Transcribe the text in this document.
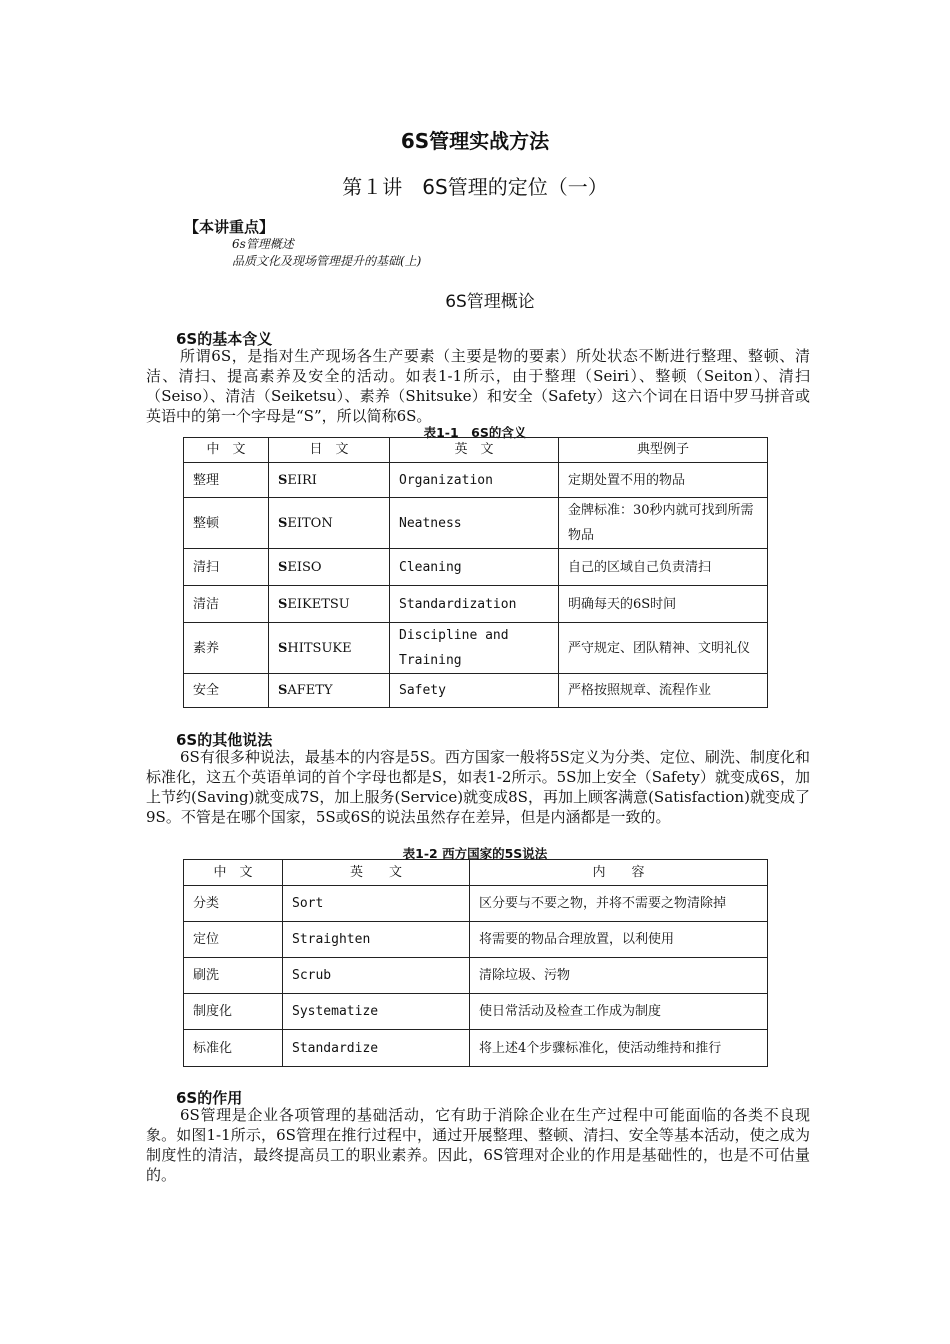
6S管理实战方法
第１讲　6S管理的定位（一）
【本讲重点】
6s管理概述
品质文化及现场管理提升的基础(上)
6S管理概论
6S的基本含义

所谓6S，是指对生产现场各生产要素（主要是物的要素）所处状态不断进行整理、整顿、清洁、清扫、提高素养及安全的活动。如表1-1所示，由于整理（Seiri）、整顿（Seiton）、清扫（Seiso）、清洁（Seiketsu）、素养（Shitsuke）和安全（Safety）这六个词在日语中罗马拼音或英语中的第一个字母是“S”，所以简称6S。

表1-1　6S的含义
中　文	日　文	英　文	典型例子
整理	SEIRI	Organization	定期处置不用的物品
整顿	SEITON	Neatness	金牌标准：30秒内就可找到所需物品
清扫	SEISO	Cleaning	自己的区域自己负责清扫
清洁	SEIKETSU	Standardization	明确每天的6S时间
素养	SHITSUKE	Discipline and Training	严守规定、团队精神、文明礼仪
安全	SAFETY	Safety	严格按照规章、流程作业
6S的其他说法

6S有很多种说法，最基本的内容是5S。西方国家一般将5S定义为分类、定位、刷洗、制度化和标准化，这五个英语单词的首个字母也都是S，如表1-2所示。5S加上安全（Safety）就变成6S，加上节约(Saving)就变成7S，加上服务(Service)就变成8S，再加上顾客满意(Satisfaction)就变成了9S。不管是在哪个国家，5S或6S的说法虽然存在差异，但是内涵都是一致的。

表1-2 西方国家的5S说法
中　文	英　　文	内　　容
分类	Sort	区分要与不要之物，并将不需要之物清除掉
定位	Straighten	将需要的物品合理放置，以利使用
刷洗	Scrub	清除垃圾、污物
制度化	Systematize	使日常活动及检查工作成为制度
标准化	Standardize	将上述4个步骤标准化，使活动维持和推行
6S的作用

6S管理是企业各项管理的基础活动，它有助于消除企业在生产过程中可能面临的各类不良现象。如图1-1所示，6S管理在推行过程中，通过开展整理、整顿、清扫、安全等基本活动，使之成为制度性的清洁，最终提高员工的职业素养。因此，6S管理对企业的作用是基础性的，也是不可估量的。
